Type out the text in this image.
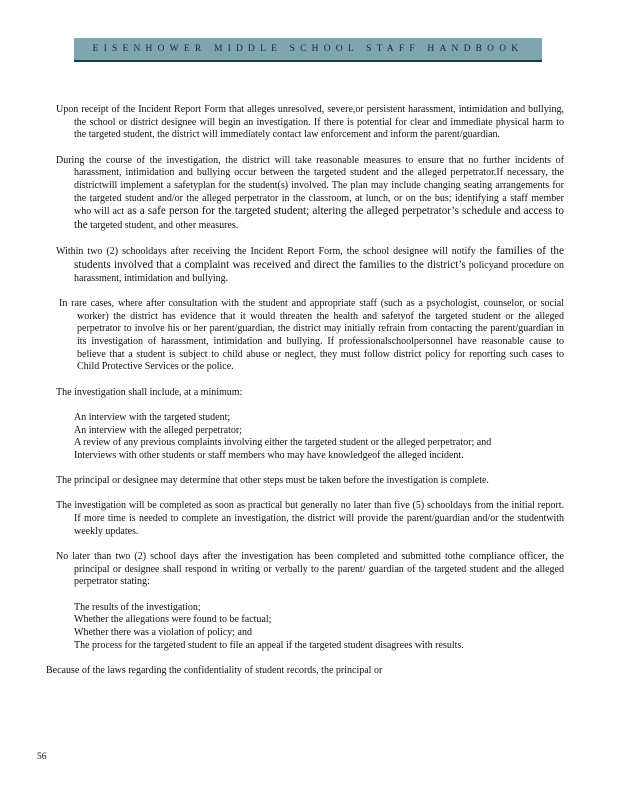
EISENHOWER MIDDLE SCHOOL STAFF HANDBOOK

Upon receipt of the Incident Report Form that alleges unresolved, severe,or persistent harassment, intimidation and bullying, the school or district designee will begin an investigation. If there is potential for clear and immediate physical harm to the targeted student, the district will immediately contact law enforcement and inform the parent/guardian.

During the course of the investigation, the district will take reasonable measures to ensure that no further incidents of harassment, intimidation and bullying occur between the targeted student and the alleged perpetrator.If necessary, the districtwill implement a safetyplan for the student(s) involved. The plan may include changing seating arrangements for the targeted student and/or the alleged perpetrator in the classroom, at lunch, or on the bus; identifying a staff member who will act as a safe person for the targeted student; altering the alleged perpetrator’s schedule and access to the targeted student, and other measures.

Within two (2) schooldays after receiving the Incident Report Form, the school designee will notify the families of the students involved that a complaint was received and direct the families to the district’s policyand procedure on harassment, intimidation and bullying.

In rare cases, where after consultation with the student and appropriate staff (such as a psychologist, counselor, or social worker) the district has evidence that it would threaten the health and safetyof the targeted student or the alleged perpetrator to involve his or her parent/guardian, the district may initially refrain from contacting the parent/guardian in its investigation of harassment, intimidation and bullying. If professionalschoolpersonnel have reasonable cause to believe that a student is subject to child abuse or neglect, they must follow district policy for reporting such cases to Child Protective Services or the police.

The investigation shall include, at a minimum:

An interview with the targeted student;
An interview with the alleged perpetrator;
A review of any previous complaints involving either the targeted student or the alleged perpetrator; and
Interviews with other students or staff members who may have knowledgeof the alleged incident.

The principal or designee may determine that other steps must be taken before the investigation is complete.

The investigation will be completed as soon as practical but generally no later than five (5) schooldays from the initial report. If more time is needed to complete an investigation, the district will provide the parent/guardian and/or the studentwith weekly updates.

No later than two (2) school days after the investigation has been completed and submitted tothe compliance officer, the principal or designee shall respond in writing or verbally to the parent/ guardian of the targeted student and the alleged perpetrator stating:

The results of the investigation;
Whether the allegations were found to be factual;
Whether there was a violation of policy; and
The process for the targeted student to file an appeal if the targeted student disagrees with results.

Because of the laws regarding the confidentiality of student records, the principal or

56
